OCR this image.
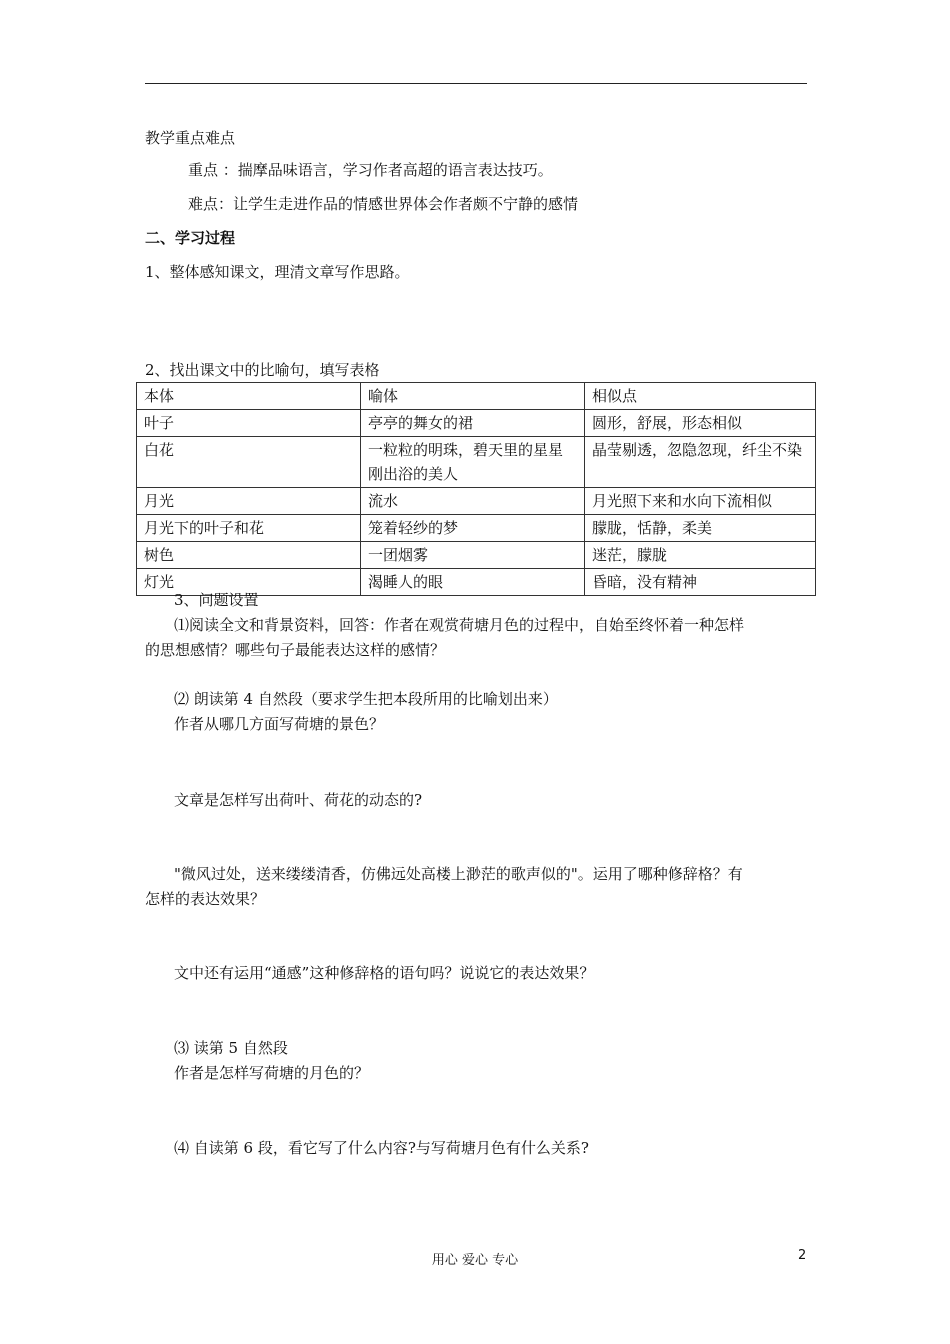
教学重点难点
重点 ：揣摩品味语言，学习作者高超的语言表达技巧。
难点：让学生走进作品的情感世界体会作者颇不宁静的感情
二、学习过程
1、整体感知课文，理清文章写作思路。
2、找出课文中的比喻句，填写表格
本体	喻体	相似点
叶子	亭亭的舞女的裙	圆形，舒展，形态相似
白花	一粒粒的明珠，碧天里的星星刚出浴的美人	晶莹剔透，忽隐忽现，纤尘不染
月光	流水	月光照下来和水向下流相似
月光下的叶子和花	笼着轻纱的梦	朦胧，恬静，柔美
树色	一团烟雾	迷茫，朦胧
灯光	渴睡人的眼	昏暗，没有精神
3、问题设置
⑴阅读全文和背景资料，回答：作者在观赏荷塘月色的过程中，自始至终怀着一种怎样
的思想感情？哪些句子最能表达这样的感情？
⑵ 朗读第 4 自然段（要求学生把本段所用的比喻划出来）
作者从哪几方面写荷塘的景色？
文章是怎样写出荷叶、荷花的动态的?
"微风过处，送来缕缕清香，仿佛远处高楼上渺茫的歌声似的"。运用了哪种修辞格？有
怎样的表达效果？
文中还有运用“通感”这种修辞格的语句吗？说说它的表达效果？
⑶ 读第 5 自然段
作者是怎样写荷塘的月色的？
⑷ 自读第 6 段，看它写了什么内容?与写荷塘月色有什么关系?
用心 爱心 专心	2
